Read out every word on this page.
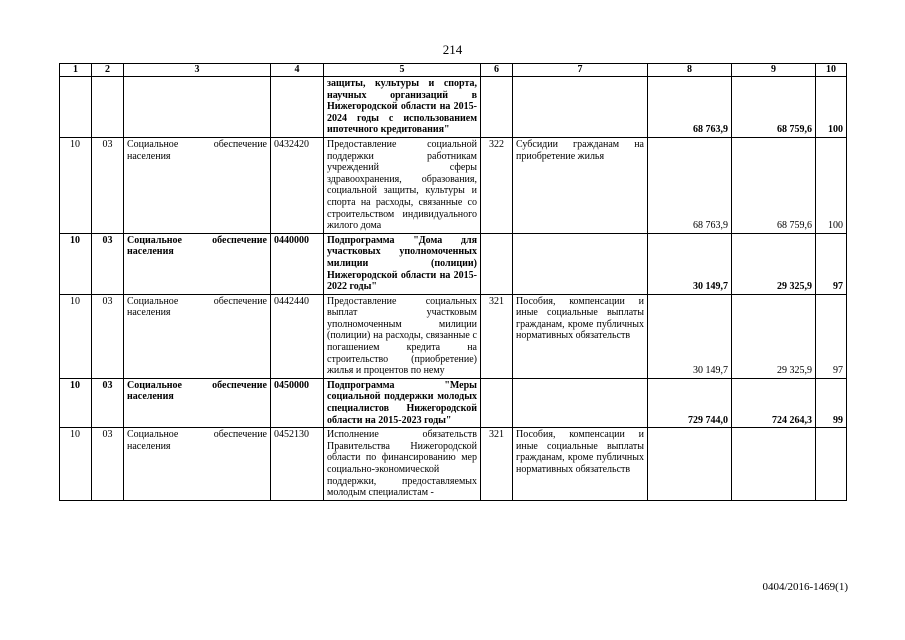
214
1	2	3	4	5	6	7	8	9	10
				защиты, культуры и спорта, научных организаций в Нижегородской области на 2015-2024 годы с использованием ипотечного кредитования"			68 763,9	68 759,6	100
10	03	Социальное обеспечение населения	0432420	Предоставление социальной поддержки работникам учреждений сферы здравоохранения, образования, социальной защиты, культуры и спорта на расходы, связанные со строительством индивидуального жилого дома	322	Субсидии гражданам на приобретение жилья	68 763,9	68 759,6	100
10	03	Социальное обеспечение населения	0440000	Подпрограмма "Дома для участковых уполномоченных милиции (полиции) Нижегородской области на 2015-2022 годы"			30 149,7	29 325,9	97
10	03	Социальное обеспечение населения	0442440	Предоставление социальных выплат участковым уполномоченным милиции (полиции) на расходы, связанные с погашением кредита на строительство (приобретение) жилья и процентов по нему	321	Пособия, компенсации и иные социальные выплаты гражданам, кроме публичных нормативных обязательств	30 149,7	29 325,9	97
10	03	Социальное обеспечение населения	0450000	Подпрограмма "Меры социальной поддержки молодых специалистов Нижегородской области на 2015-2023 годы"			729 744,0	724 264,3	99
10	03	Социальное обеспечение населения	0452130	Исполнение обязательств Правительства Нижегородской области по финансированию мер социально-экономической поддержки, предоставляемых молодым специалистам -	321	Пособия, компенсации и иные социальные выплаты гражданам, кроме публичных нормативных обязательств			
0404/2016-1469(1)
